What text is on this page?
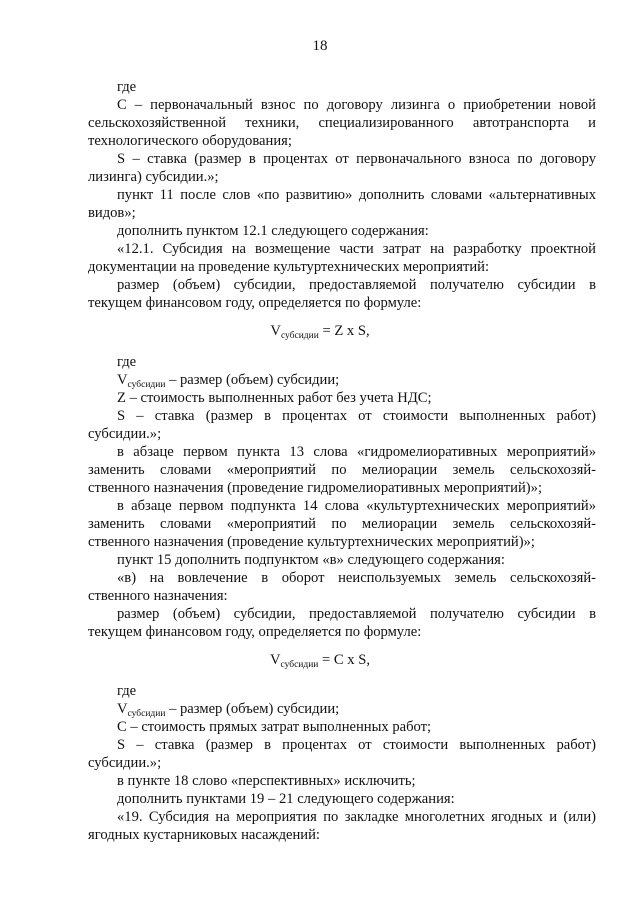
18
где
С – первоначальный взнос по договору лизинга о приобретении новой
сельскохозяйственной техники, специализированного автотранспорта и
технологического оборудования;
S – ставка (размер в процентах от первоначального взноса по договору
лизинга) субсидии.»;
пункт 11 после слов «по развитию» дополнить словами «альтернативных
видов»;
дополнить пунктом 12.1 следующего содержания:
«12.1. Субсидия на возмещение части затрат на разработку проектной
документации на проведение культуртехнических мероприятий:
размер (объем) субсидии, предоставляемой получателю субсидии в
текущем финансовом году, определяется по формуле:
$V_{субсидии} = Z$ x S,
где
$V_{субсидии}$ – размер (объем) субсидии;
Z – стоимость выполненных работ без учета НДС;
S – ставка (размер в процентах от стоимости выполненных работ)
субсидии.»;
в абзаце первом пункта 13 слова «гидромелиоративных мероприятий»
заменить словами «мероприятий по мелиорации земель сельскохозяй-
ственного назначения (проведение гидромелиоративных мероприятий)»;
в абзаце первом подпункта 14 слова «культуртехнических мероприятий»
заменить словами «мероприятий по мелиорации земель сельскохозяй-
ственного назначения (проведение культуртехнических мероприятий)»;
пункт 15 дополнить подпунктом «в» следующего содержания:
«в) на вовлечение в оборот неиспользуемых земель сельскохозяй-
ственного назначения:
размер (объем) субсидии, предоставляемой получателю субсидии в
текущем финансовом году, определяется по формуле:
$V_{субсидии} = C$ x S,
где
$V_{субсидии}$ – размер (объем) субсидии;
C – стоимость прямых затрат выполненных работ;
S – ставка (размер в процентах от стоимости выполненных работ)
субсидии.»;
в пункте 18 слово «перспективных» исключить;
дополнить пунктами 19 – 21 следующего содержания:
«19. Субсидия на мероприятия по закладке многолетних ягодных и (или)
ягодных кустарниковых насаждений:
